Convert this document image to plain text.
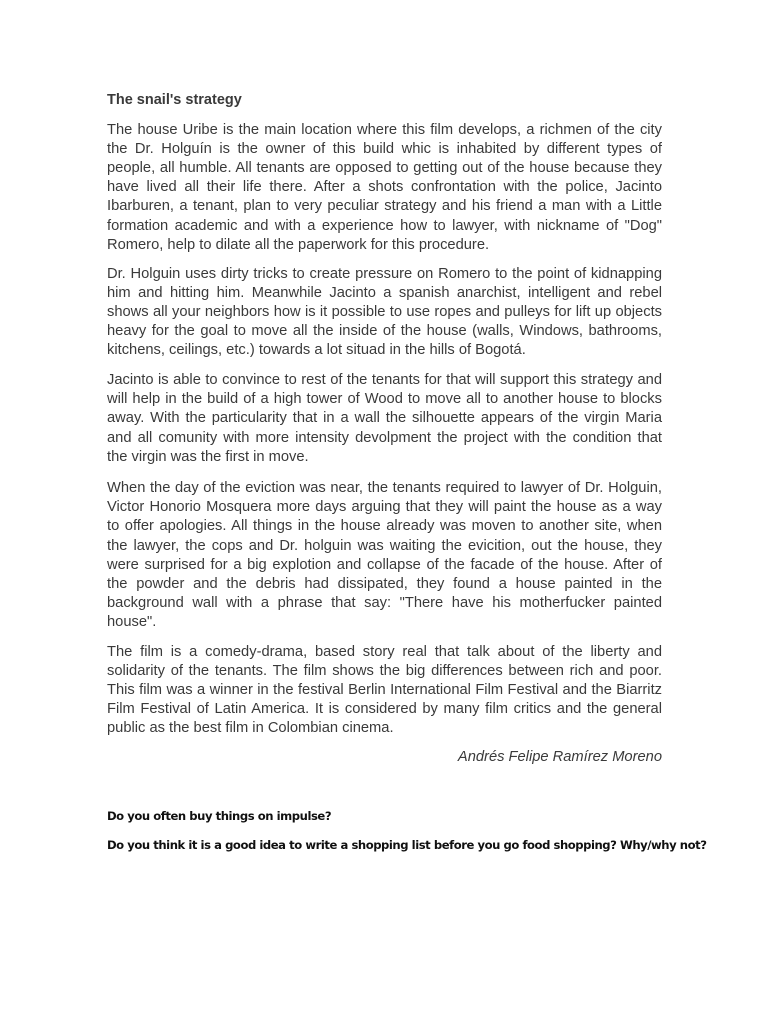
The snail's strategy

The house Uribe is the main location where this film develops, a richmen of the city the Dr. Holguín is the owner of this build whic is inhabited by different types of people, all humble. All tenants are opposed to getting out of the house because they have lived all their life there. After a shots confrontation with the police, Jacinto Ibarburen, a tenant, plan to very peculiar strategy and his friend a man with a Little formation academic and with a experience how to lawyer, with nickname of "Dog" Romero, help to dilate all the paperwork for this procedure.

Dr. Holguin uses dirty tricks to create pressure on Romero to the point of kidnapping him and hitting him. Meanwhile Jacinto a spanish anarchist, intelligent and rebel shows all your neighbors how is it possible to use ropes and pulleys for lift up objects heavy for the goal to move all the inside of the house (walls, Windows, bathrooms, kitchens, ceilings, etc.) towards a lot situad in the hills of Bogotá.

Jacinto is able to convince to rest of the tenants for that will support this strategy and will help in the build of a high tower of Wood to move all to another house to blocks away. With the particularity that in a wall the silhouette appears of the virgin Maria and all comunity with more intensity devolpment the project with the condition that the virgin was the first in move.

When the day of the eviction was near, the tenants required to lawyer of Dr. Holguin, Victor Honorio Mosquera more days arguing that they will paint the house as a way to offer apologies. All things in the house already was moven to another site, when the lawyer, the cops and Dr. holguin was waiting the evicition, out the house, they were surprised for a big explotion and collapse of the facade of the house. After of the powder and the debris had dissipated, they found a house painted in the background wall with a phrase that say: "There have his motherfucker painted house".

The film is a comedy-drama, based story real that talk about of the liberty and solidarity of the tenants. The film shows the big differences between rich and poor. This film was a winner in the festival Berlin International Film Festival and the Biarritz Film Festival of Latin America. It is considered by many film critics and the general public as the best film in Colombian cinema.

Andrés Felipe Ramírez Moreno

Do you often buy things on impulse?

Do you think it is a good idea to write a shopping list before you go food shopping? Why/why not?
